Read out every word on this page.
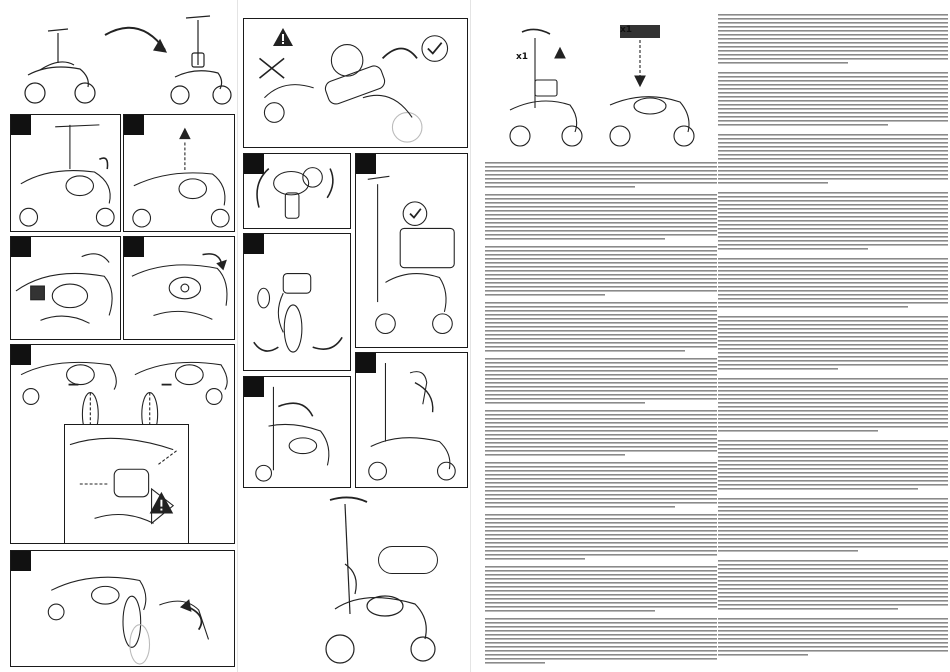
x1
x1
